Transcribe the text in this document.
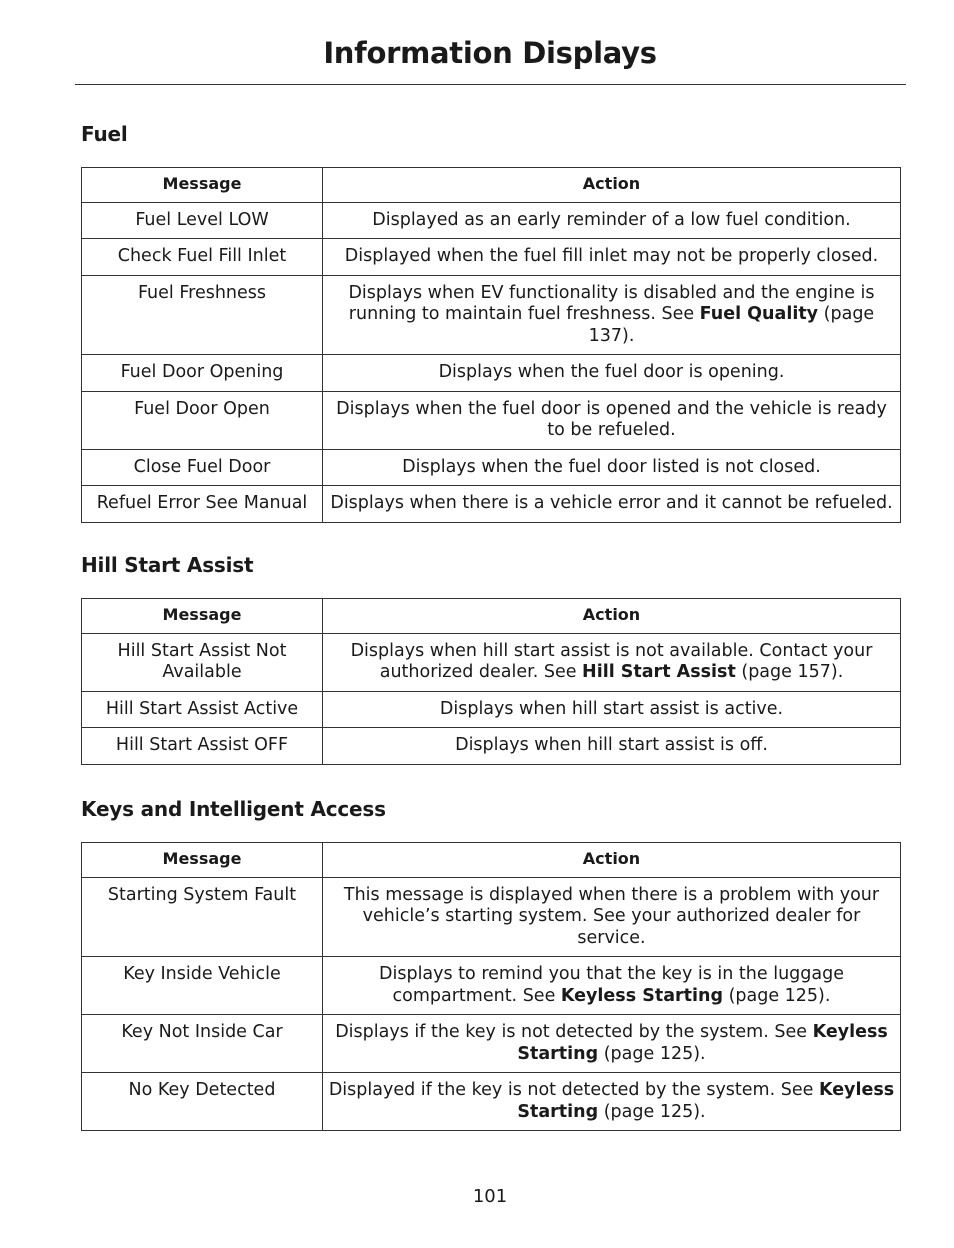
Information Displays
Fuel
Message	Action
Fuel Level LOW	Displayed as an early reminder of a low fuel condition.
Check Fuel Fill Inlet	Displayed when the fuel fill inlet may not be properly closed.
Fuel Freshness	Displays when EV functionality is disabled and the engine is running to maintain fuel freshness. See Fuel Quality (page 137).
Fuel Door Opening	Displays when the fuel door is opening.
Fuel Door Open	Displays when the fuel door is opened and the vehicle is ready to be refueled.
Close Fuel Door	Displays when the fuel door listed is not closed.
Refuel Error See Manual	Displays when there is a vehicle error and it cannot be refueled.
Hill Start Assist
Message	Action
Hill Start Assist Not Available	Displays when hill start assist is not available. Contact your authorized dealer. See Hill Start Assist (page 157).
Hill Start Assist Active	Displays when hill start assist is active.
Hill Start Assist OFF	Displays when hill start assist is off.
Keys and Intelligent Access
Message	Action
Starting System Fault	This message is displayed when there is a problem with your vehicle’s starting system. See your authorized dealer for service.
Key Inside Vehicle	Displays to remind you that the key is in the luggage compartment. See Keyless Starting (page 125).
Key Not Inside Car	Displays if the key is not detected by the system. See Keyless Starting (page 125).
No Key Detected	Displayed if the key is not detected by the system. See Keyless Starting (page 125).
101
